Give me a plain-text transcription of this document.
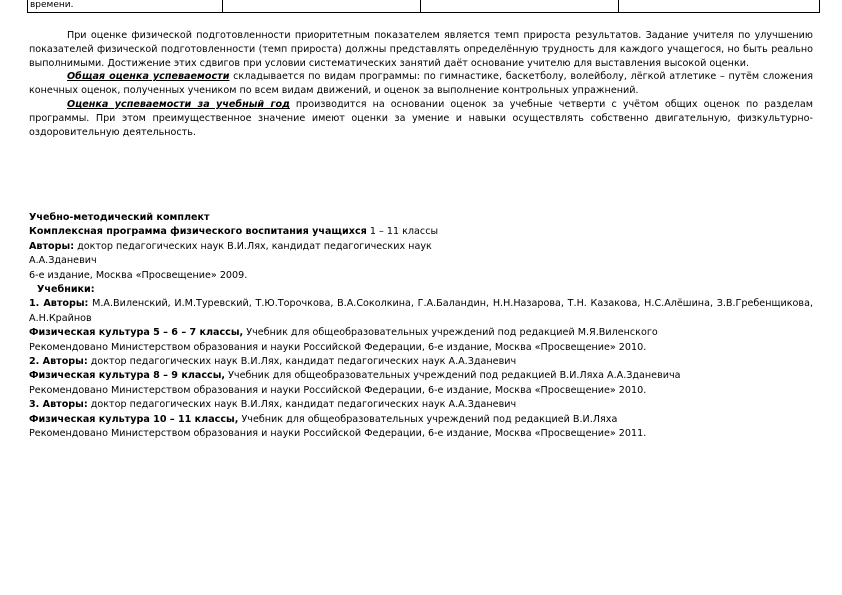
времени.			

При оценке физической подготовленности приоритетным показателем является темп прироста результатов. Задание учителя по улучшению показателей физической подготовленности (темп прироста) должны представлять определённую трудность для каждого учащегося, но быть реально выполнимыми. Достижение этих сдвигов при условии систематических занятий даёт основание учителю для выставления высокой оценки.

Общая оценка успеваемости складывается по видам программы: по гимнастике, баскетболу, волейболу, лёгкой атлетике – путём сложения конечных оценок, полученных учеником по всем видам движений, и оценок за выполнение контрольных упражнений.

Оценка успеваемости за учебный год производится на основании оценок за учебные четверти с учётом общих оценок по разделам программы. При этом преимущественное значение имеют оценки за умение и навыки осуществлять собственно двигательную, физкультурно-оздоровительную деятельность.

Учебно-методический комплект

Комплексная программа физического воспитания учащихся 1 – 11 классы

Авторы: доктор педагогических наук В.И.Лях, кандидат педагогических наук

А.А.Зданевич

6-е издание, Москва «Просвещение» 2009.

Учебники:

1. Авторы: М.А.Виленский, И.М.Туревский, Т.Ю.Торочкова, В.А.Соколкина, Г.А.Баландин, Н.Н.Назарова, Т.Н. Казакова, Н.С.Алёшина, З.В.Гребенщикова, А.Н.Крайнов

Физическая культура 5 – 6 – 7 классы, Учебник для общеобразовательных учреждений под редакцией М.Я.Виленского

Рекомендовано Министерством образования и науки Российской Федерации, 6-е издание, Москва «Просвещение» 2010.

2. Авторы: доктор педагогических наук В.И.Лях, кандидат педагогических наук А.А.Зданевич

Физическая культура 8 – 9 классы, Учебник для общеобразовательных учреждений под редакцией В.И.Ляха А.А.Зданевича

Рекомендовано Министерством образования и науки Российской Федерации, 6-е издание, Москва «Просвещение» 2010.

3. Авторы: доктор педагогических наук В.И.Лях, кандидат педагогических наук А.А.Зданевич

Физическая культура 10 – 11 классы, Учебник для общеобразовательных учреждений под редакцией В.И.Ляха

Рекомендовано Министерством образования и науки Российской Федерации, 6-е издание, Москва «Просвещение» 2011.
